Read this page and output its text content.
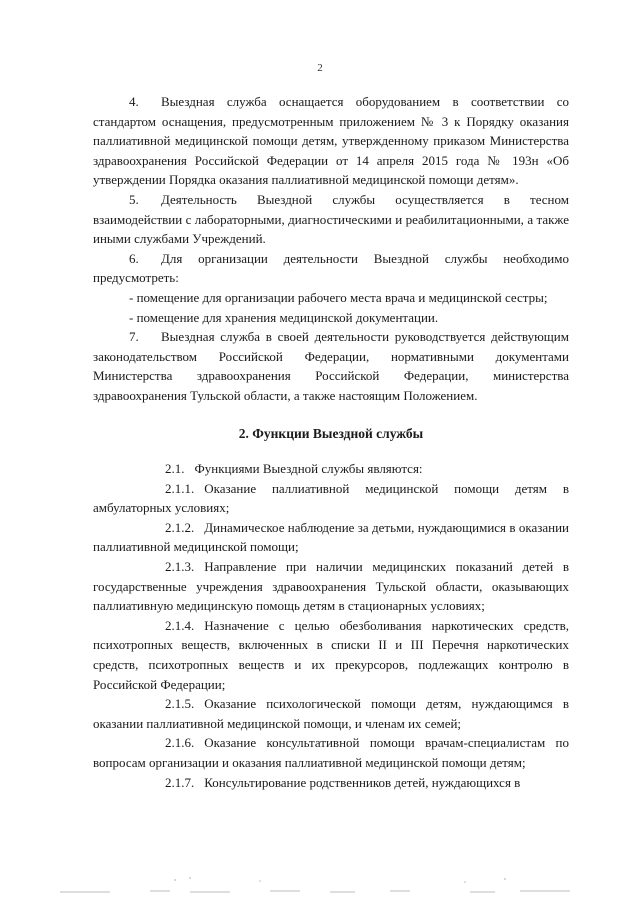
2

4. Выездная служба оснащается оборудованием в соответствии со стандартом оснащения, предусмотренным приложением № 3 к Порядку оказания паллиативной медицинской помощи детям, утвержденному приказом Министерства здравоохранения Российской Федерации от 14 апреля 2015 года № 193н «Об утверждении Порядка оказания паллиативной медицинской помощи детям».

5. Деятельность Выездной службы осуществляется в тесном взаимодействии с лабораторными, диагностическими и реабилитационными, а также иными службами Учреждений.

6. Для организации деятельности Выездной службы необходимо предусмотреть:

- помещение для организации рабочего места врача и медицинской сестры;

- помещение для хранения медицинской документации.

7. Выездная служба в своей деятельности руководствуется действующим законодательством Российской Федерации, нормативными документами Министерства здравоохранения Российской Федерации, министерства здравоохранения Тульской области, а также настоящим Положением.

2. Функции Выездной службы

2.1. Функциями Выездной службы являются:

2.1.1. Оказание паллиативной медицинской помощи детям в амбулаторных условиях;

2.1.2. Динамическое наблюдение за детьми, нуждающимися в оказании паллиативной медицинской помощи;

2.1.3. Направление при наличии медицинских показаний детей в государственные учреждения здравоохранения Тульской области, оказывающих паллиативную медицинскую помощь детям в стационарных условиях;

2.1.4. Назначение с целью обезболивания наркотических средств, психотропных веществ, включенных в списки II и III Перечня наркотических средств, психотропных веществ и их прекурсоров, подлежащих контролю в Российской Федерации;

2.1.5. Оказание психологической помощи детям, нуждающимся в оказании паллиативной медицинской помощи, и членам их семей;

2.1.6. Оказание консультативной помощи врачам-специалистам по вопросам организации и оказания паллиативной медицинской помощи детям;

2.1.7. Консультирование родственников детей, нуждающихся в
